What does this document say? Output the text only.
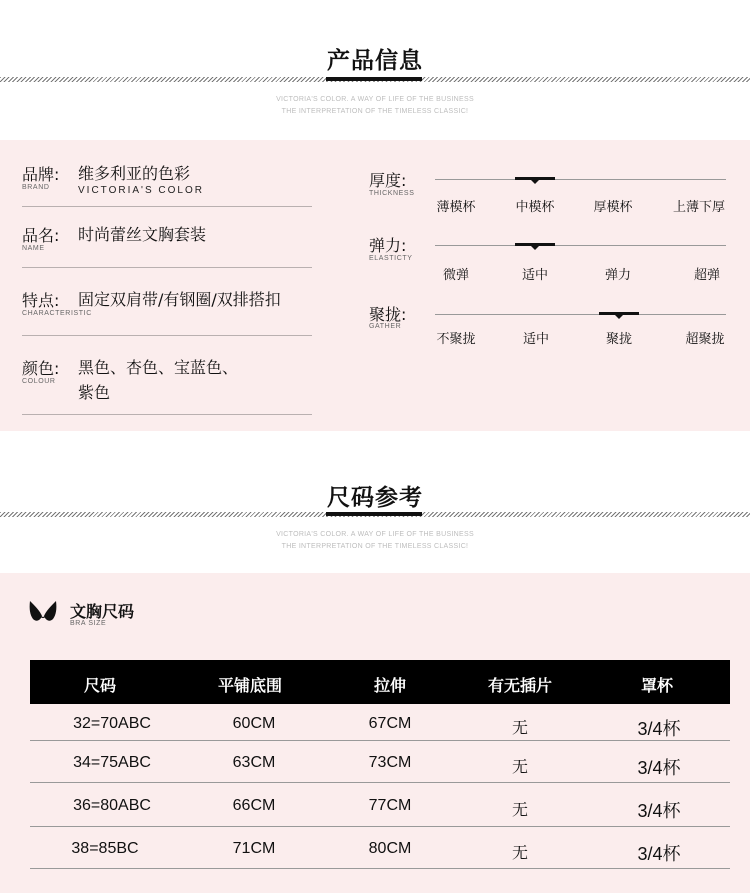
产品信息
VICTORIA'S COLOR. A WAY OF LIFE OF THE BUSINESS
THE INTERPRETATION OF THE TIMELESS CLASSIC!
品牌: 维多利亚的色彩
BRAND	VICTORIA'S COLOR
品名: 时尚蕾丝文胸套装
NAME
特点: 固定双肩带/有钢圈/双排搭扣
CHARACTERISTIC
颜色: 黑色、杏色、宝蓝色、
紫色
COLOUR
厚度:
THICKNESS
薄模杯	中模杯	厚模杯	上薄下厚
弹力:
ELASTICTY
微弹	适中	弹力	超弹
聚拢:
GATHER
不聚拢	适中	聚拢	超聚拢
尺码参考
VICTORIA'S COLOR. A WAY OF LIFE OF THE BUSINESS
THE INTERPRETATION OF THE TIMELESS CLASSIC!
文胸尺码
BRA SIZE
尺码	平铺底围	拉伸	有无插片	罩杯
32=70ABC	60CM	67CM	无	3/4杯
34=75ABC	63CM	73CM	无	3/4杯
36=80ABC	66CM	77CM	无	3/4杯
38=85BC	71CM	80CM	无	3/4杯
